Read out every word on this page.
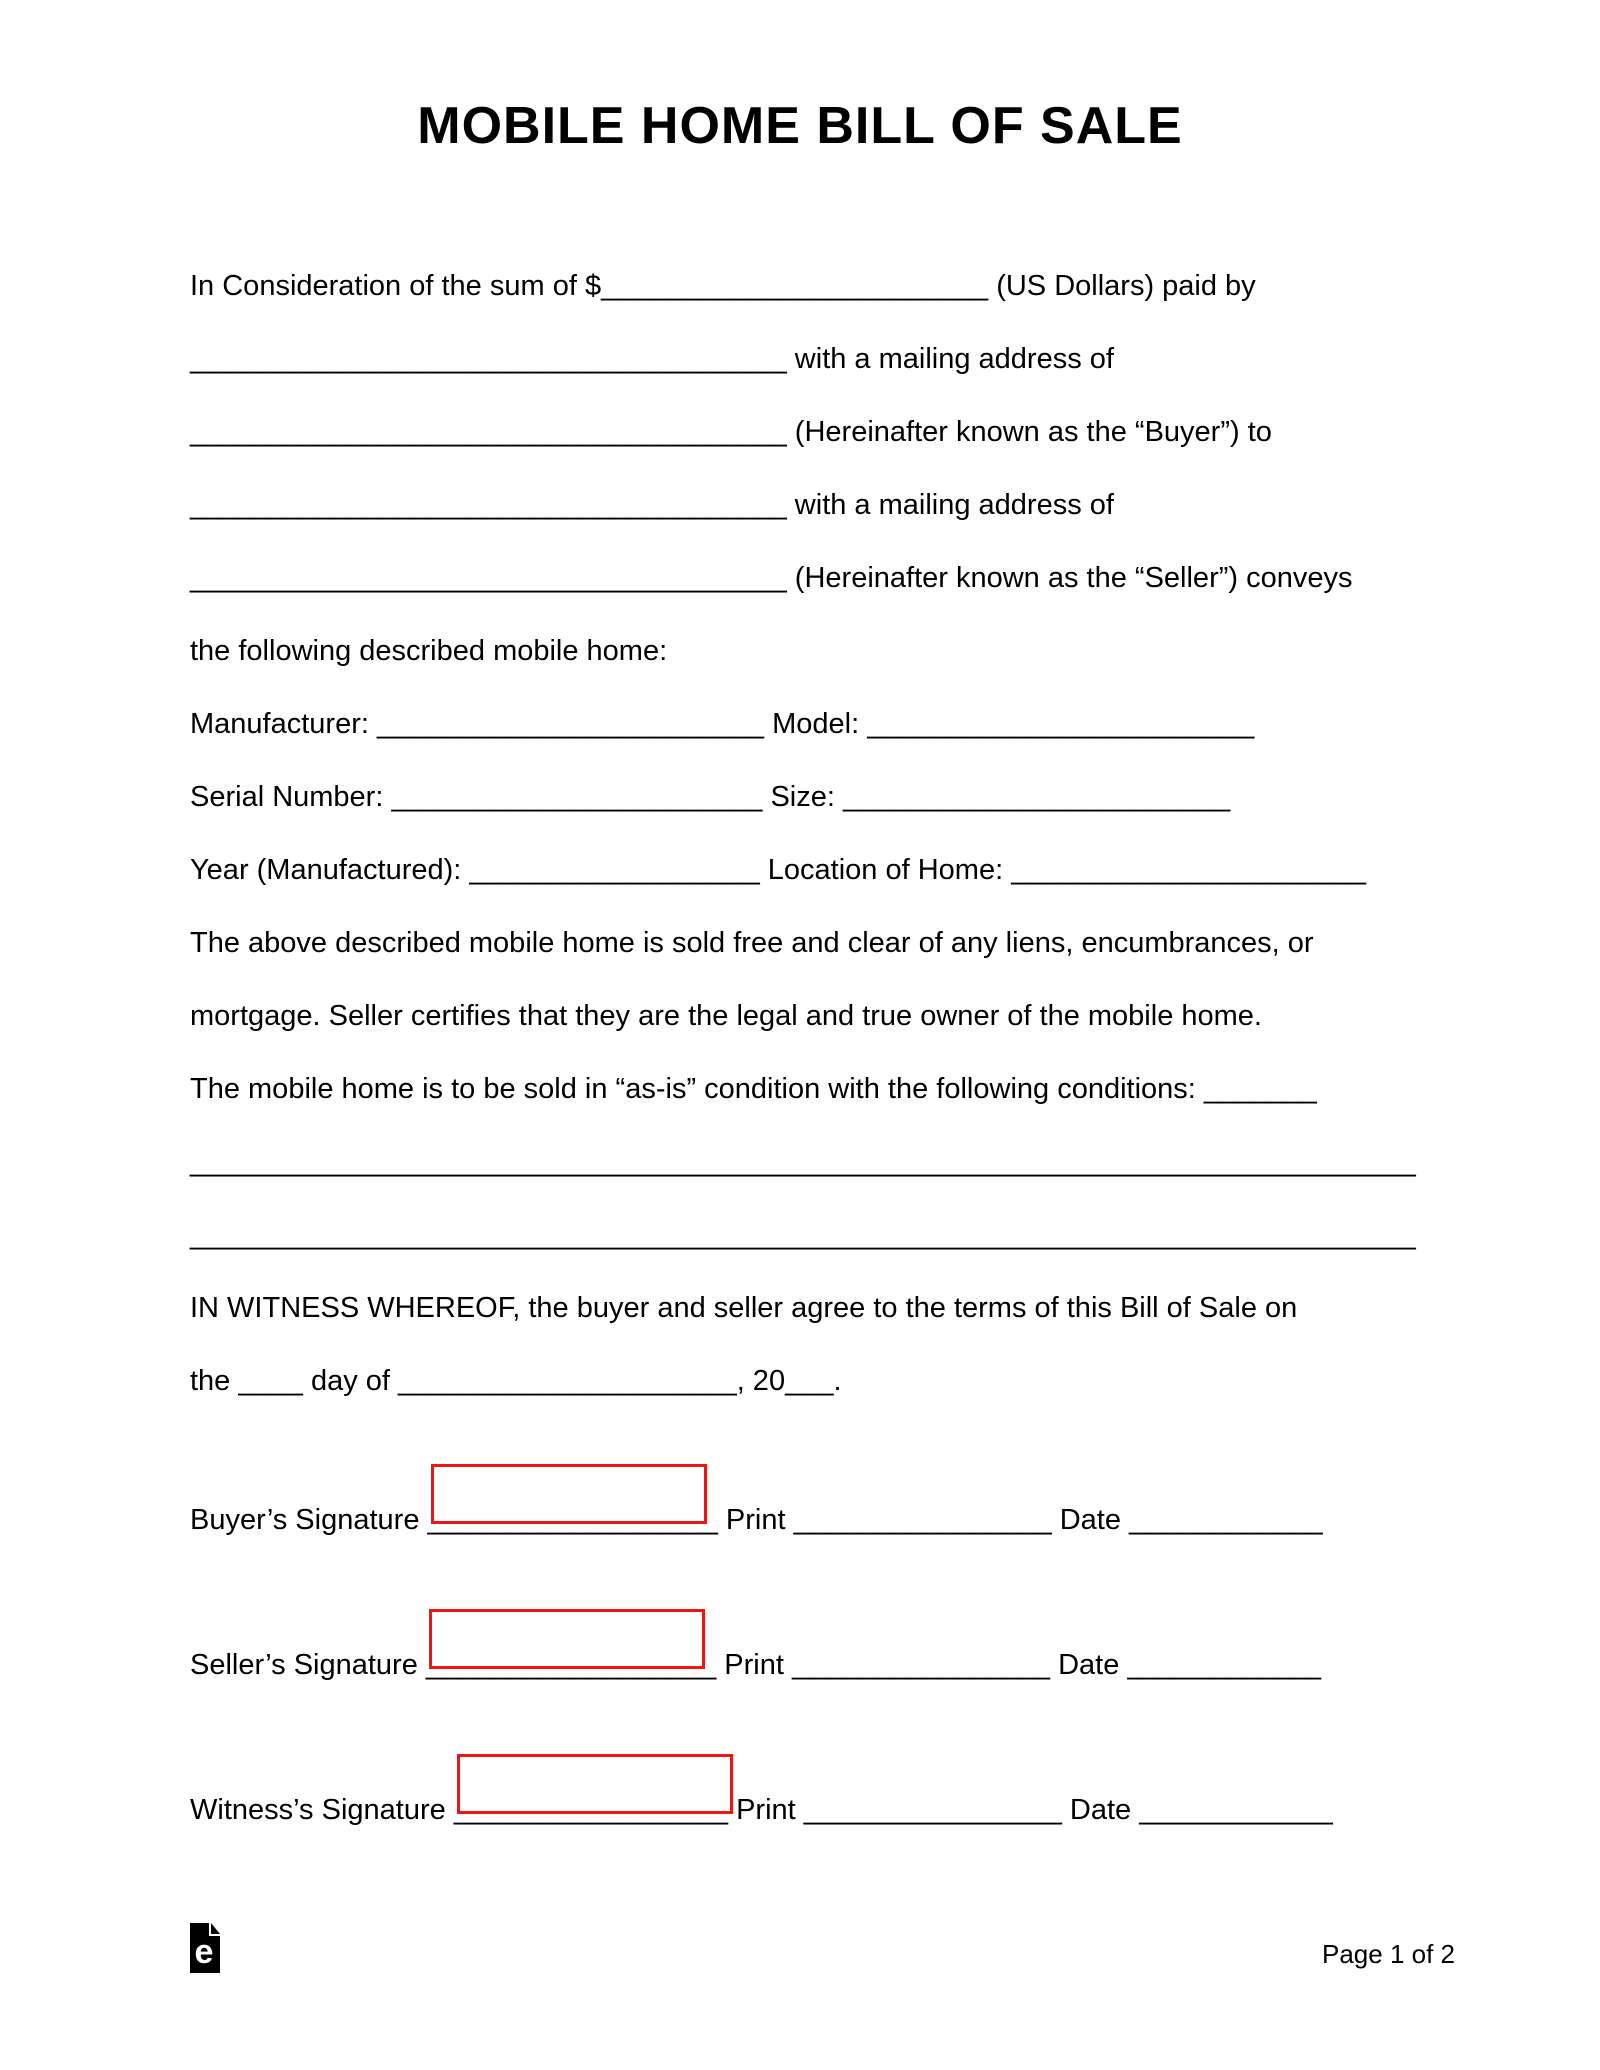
MOBILE HOME BILL OF SALE

In Consideration of the sum of $________________________ (US Dollars) paid by

_____________________________________ with a mailing address of

_____________________________________ (Hereinafter known as the “Buyer”) to

_____________________________________ with a mailing address of

_____________________________________ (Hereinafter known as the “Seller”) conveys

the following described mobile home:

Manufacturer: ________________________ Model: ________________________

Serial Number: _______________________ Size: ________________________

Year (Manufactured): __________________ Location of Home: ______________________

The above described mobile home is sold free and clear of any liens, encumbrances, or

mortgage. Seller certifies that they are the legal and true owner of the mobile home.

The mobile home is to be sold in “as-is” condition with the following conditions: _______

____________________________________________________________________________

____________________________________________________________________________

IN WITNESS WHEREOF, the buyer and seller agree to the terms of this Bill of Sale on

the ____ day of _____________________, 20___.

Buyer’s Signature __________________ Print ________________ Date ____________
Seller’s Signature __________________ Print ________________ Date ____________
Witness’s Signature _________________ Print ________________ Date ____________
e	Page 1 of 2
